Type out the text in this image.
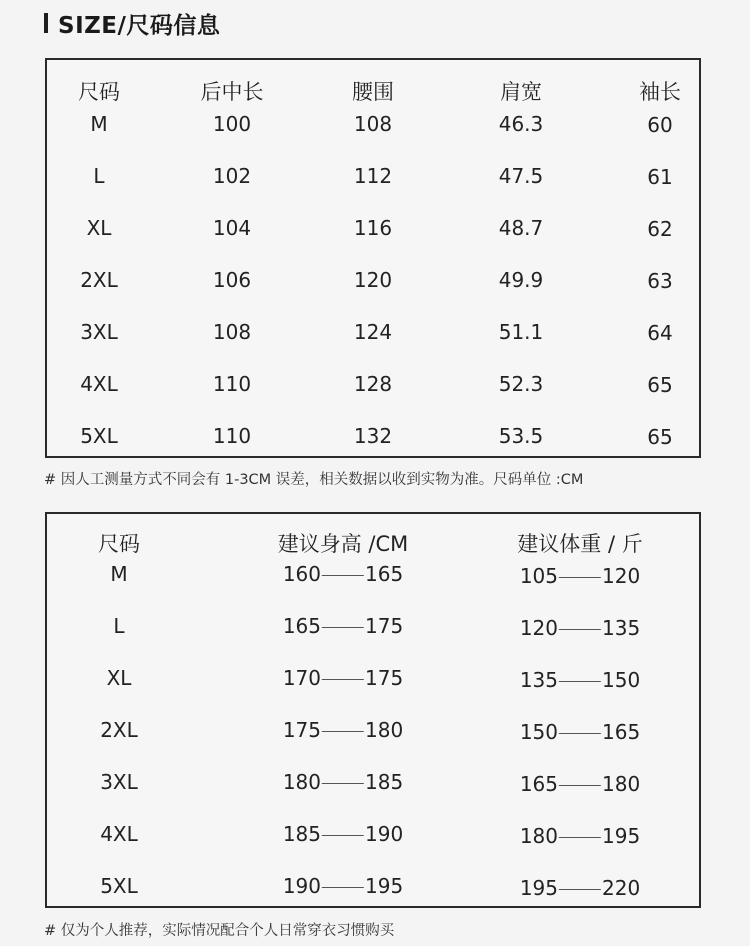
SIZE/尺码信息
尺码	后中长	腰围	肩宽	袖长
M	100	108	46.3	60
L	102	112	47.5	61
XL	104	116	48.7	62
2XL	106	120	49.9	63
3XL	108	124	51.1	64
4XL	110	128	52.3	65
5XL	110	132	53.5	65
# 因人工测量方式不同会有 1-3CM 误差，相关数据以收到实物为准。尺码单位 :CM
尺码	建议身高 /CM	建议体重 / 斤
M	160 165	105 120
L	165 175	120 135
XL	170 175	135 150
2XL	175 180	150 165
3XL	180 185	165 180
4XL	185 190	180 195
5XL	190 195	195 220
# 仅为个人推荐，实际情况配合个人日常穿衣习惯购买
